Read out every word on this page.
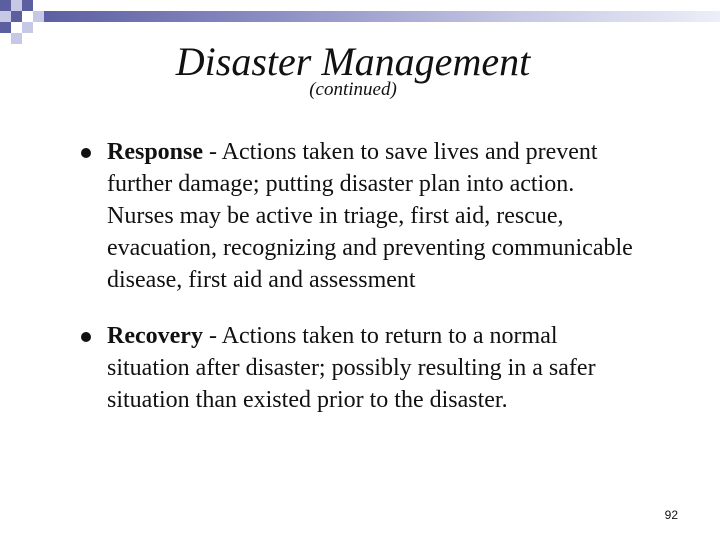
Disaster Management
(continued)
Response - Actions taken to save lives and prevent further damage; putting disaster plan into action. Nurses may be active in triage, first aid, rescue, evacuation, recognizing and preventing communicable disease, first aid and assessment
Recovery - Actions taken to return to a normal situation after disaster; possibly resulting in a safer situation than existed prior to the disaster.
92
